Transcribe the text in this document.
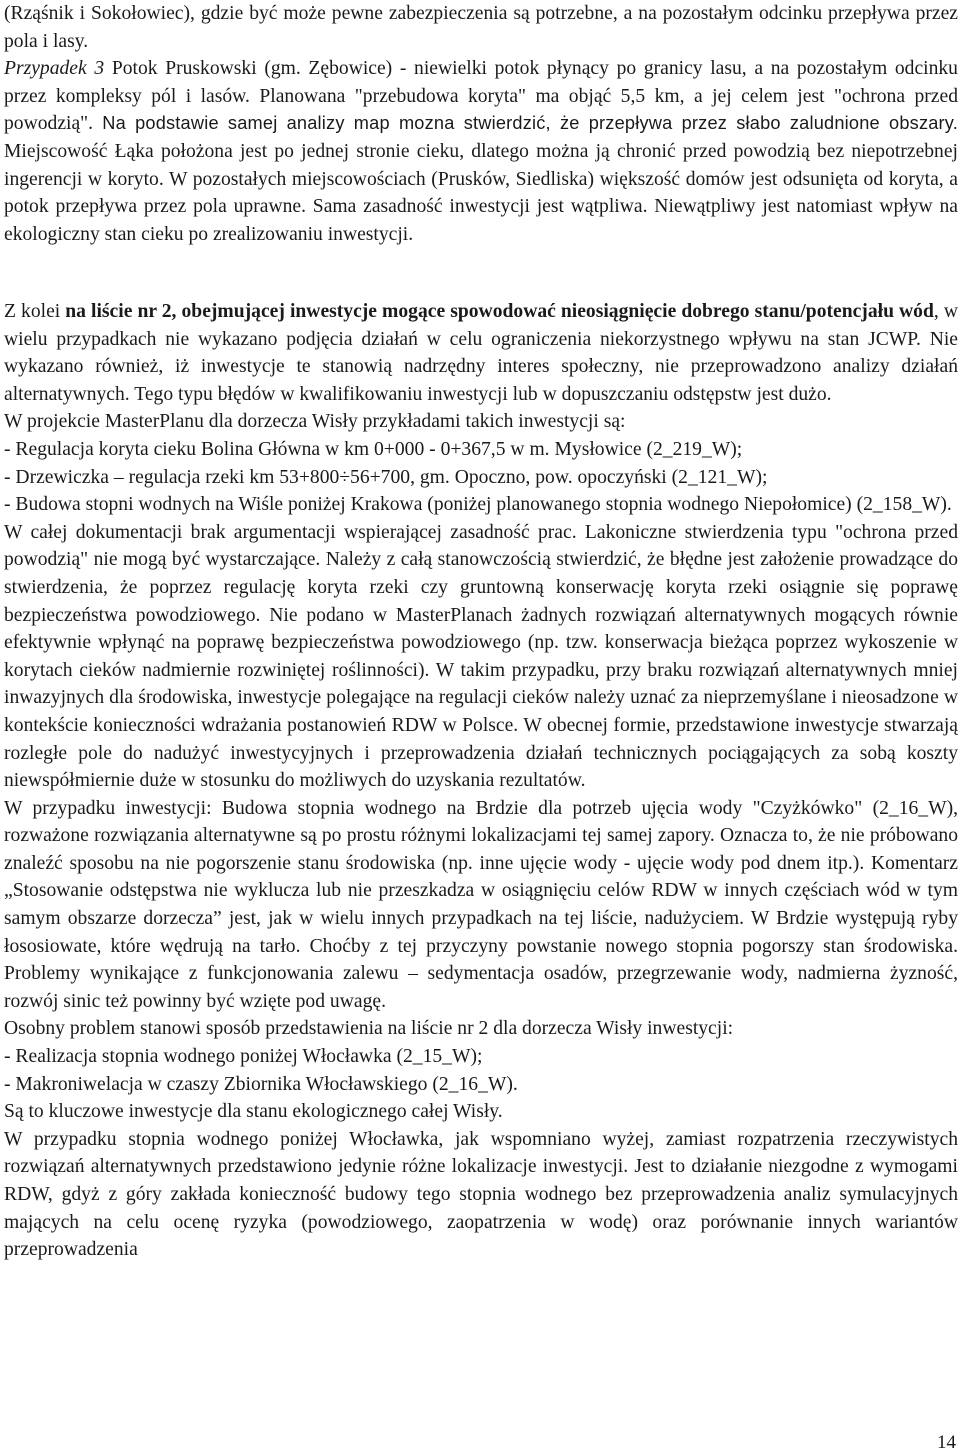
(Rząśnik i Sokołowiec), gdzie być może pewne zabezpieczenia są potrzebne, a na pozostałym odcinku przepływa przez pola i lasy.
Przypadek 3 Potok Pruskowski (gm. Zębowice) - niewielki potok płynący po granicy lasu, a na pozostałym odcinku przez kompleksy pól i lasów. Planowana "przebudowa koryta" ma objąć 5,5 km, a jej celem jest "ochrona przed powodzią". Na podstawie samej analizy map mozna stwierdzić, że przepływa przez słabo zaludnione obszary. Miejscowość Łąka położona jest po jednej stronie cieku, dlatego można ją chronić przed powodzią bez niepotrzebnej ingerencji w koryto. W pozostałych miejscowościach (Prusków, Siedliska) większość domów jest odsunięta od koryta, a potok przepływa przez pola uprawne. Sama zasadność inwestycji jest wątpliwa. Niewątpliwy jest natomiast wpływ na ekologiczny stan cieku po zrealizowaniu inwestycji.

Z kolei na liście nr 2, obejmującej inwestycje mogące spowodować nieosiągnięcie dobrego stanu/potencjału wód, w wielu przypadkach nie wykazano podjęcia działań w celu ograniczenia niekorzystnego wpływu na stan JCWP. Nie wykazano również, iż inwestycje te stanowią nadrzędny interes społeczny, nie przeprowadzono analizy działań alternatywnych. Tego typu błędów w kwalifikowaniu inwestycji lub w dopuszczaniu odstępstw jest dużo.

W projekcie MasterPlanu dla dorzecza Wisły przykładami takich inwestycji są:

- Regulacja koryta cieku Bolina Główna w km 0+000 - 0+367,5 w m. Mysłowice (2_219_W);

- Drzewiczka – regulacja rzeki km 53+800÷56+700, gm. Opoczno, pow. opoczyński (2_121_W);

- Budowa stopni wodnych na Wiśle poniżej Krakowa (poniżej planowanego stopnia wodnego Niepołomice) (2_158_W).

W całej dokumentacji brak argumentacji wspierającej zasadność prac. Lakoniczne stwierdzenia typu "ochrona przed powodzią" nie mogą być wystarczające. Należy z całą stanowczością stwierdzić, że błędne jest założenie prowadzące do stwierdzenia, że poprzez regulację koryta rzeki czy gruntowną konserwację koryta rzeki osiągnie się poprawę bezpieczeństwa powodziowego. Nie podano w MasterPlanach żadnych rozwiązań alternatywnych mogących równie efektywnie wpłynąć na poprawę bezpieczeństwa powodziowego (np. tzw. konserwacja bieżąca poprzez wykoszenie w korytach cieków nadmiernie rozwiniętej roślinności). W takim przypadku, przy braku rozwiązań alternatywnych mniej inwazyjnych dla środowiska, inwestycje polegające na regulacji cieków należy uznać za nieprzemyślane i nieosadzone w kontekście konieczności wdrażania postanowień RDW w Polsce. W obecnej formie, przedstawione inwestycje stwarzają rozległe pole do nadużyć inwestycyjnych i przeprowadzenia działań technicznych pociągających za sobą koszty niewspółmiernie duże w stosunku do możliwych do uzyskania rezultatów.

W przypadku inwestycji: Budowa stopnia wodnego na Brdzie dla potrzeb ujęcia wody "Czyżkówko" (2_16_W), rozważone rozwiązania alternatywne są po prostu różnymi lokalizacjami tej samej zapory. Oznacza to, że nie próbowano znaleźć sposobu na nie pogorszenie stanu środowiska (np. inne ujęcie wody - ujęcie wody pod dnem itp.). Komentarz „Stosowanie odstępstwa nie wyklucza lub nie przeszkadza w osiągnięciu celów RDW w innych częściach wód w tym samym obszarze dorzecza” jest, jak w wielu innych przypadkach na tej liście, nadużyciem. W Brdzie występują ryby łososiowate, które wędrują na tarło. Choćby z tej przyczyny powstanie nowego stopnia pogorszy stan środowiska. Problemy wynikające z funkcjonowania zalewu – sedymentacja osadów, przegrzewanie wody, nadmierna żyzność, rozwój sinic też powinny być wzięte pod uwagę.

Osobny problem stanowi sposób przedstawienia na liście nr 2 dla dorzecza Wisły inwestycji:

- Realizacja stopnia wodnego poniżej Włocławka (2_15_W);

- Makroniwelacja w czaszy Zbiornika Włocławskiego (2_16_W).

Są to kluczowe inwestycje dla stanu ekologicznego całej Wisły.

W przypadku stopnia wodnego poniżej Włocławka, jak wspomniano wyżej, zamiast rozpatrzenia rzeczywistych rozwiązań alternatywnych przedstawiono jedynie różne lokalizacje inwestycji. Jest to działanie niezgodne z wymogami RDW, gdyż z góry zakłada konieczność budowy tego stopnia wodnego bez przeprowadzenia analiz symulacyjnych mających na celu ocenę ryzyka (powodziowego, zaopatrzenia w wodę) oraz porównanie innych wariantów przeprowadzenia

14
